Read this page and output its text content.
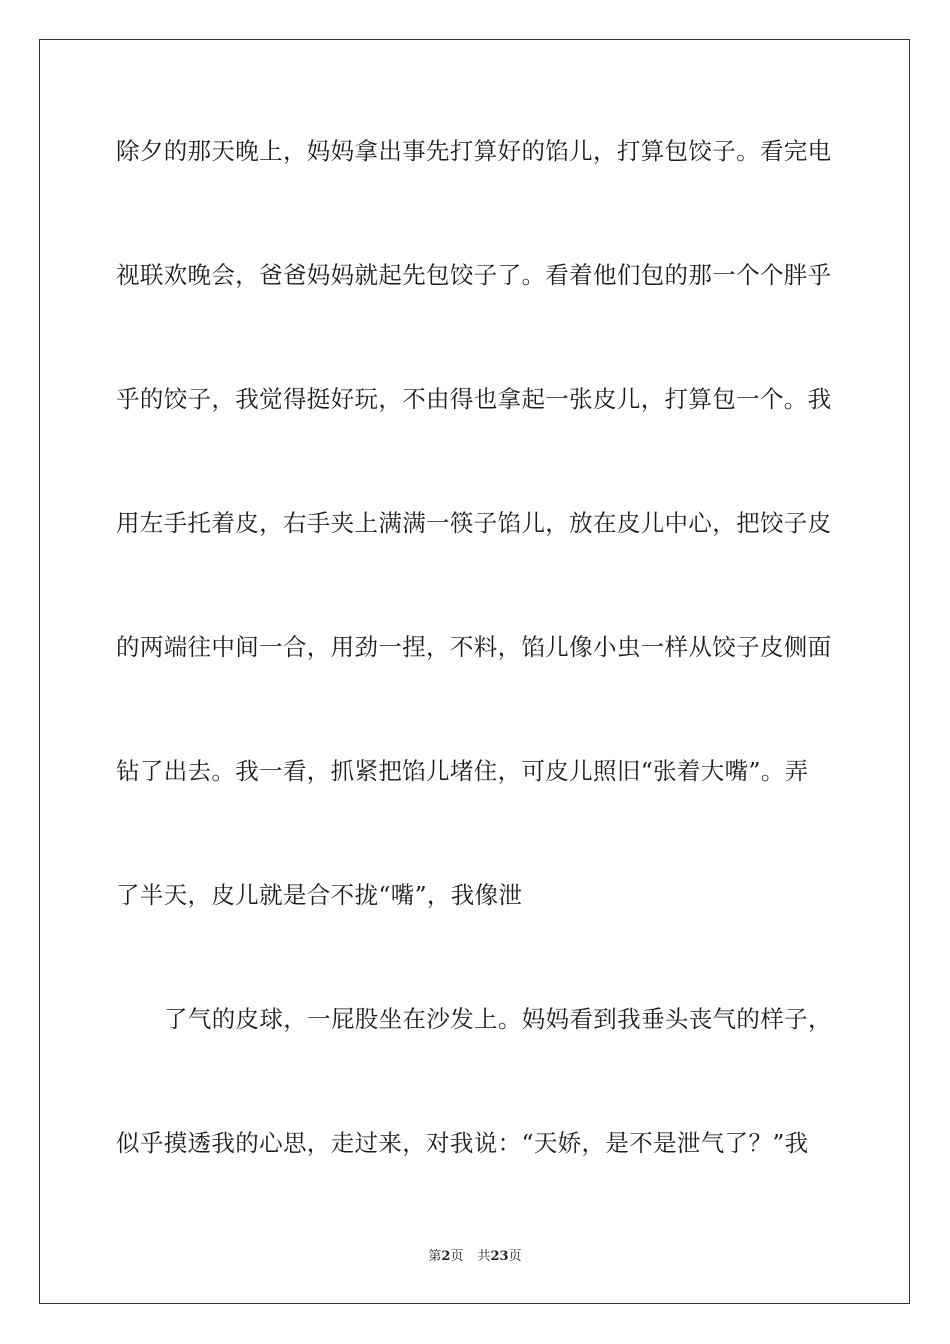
除夕的那天晚上，妈妈拿出事先打算好的馅儿，打算包饺子。看完电
视联欢晚会，爸爸妈妈就起先包饺子了。看着他们包的那一个个胖乎
乎的饺子，我觉得挺好玩，不由得也拿起一张皮儿，打算包一个。我
用左手托着皮，右手夹上满满一筷子馅儿，放在皮儿中心，把饺子皮
的两端往中间一合，用劲一捏，不料，馅儿像小虫一样从饺子皮侧面
钻了出去。我一看，抓紧把馅儿堵住，可皮儿照旧“张着大嘴”。弄
了半天，皮儿就是合不拢“嘴”，我像泄
了气的皮球，一屁股坐在沙发上。妈妈看到我垂头丧气的样子，
似乎摸透我的心思，走过来，对我说：“天娇，是不是泄气了？”我
第2页 共23页
